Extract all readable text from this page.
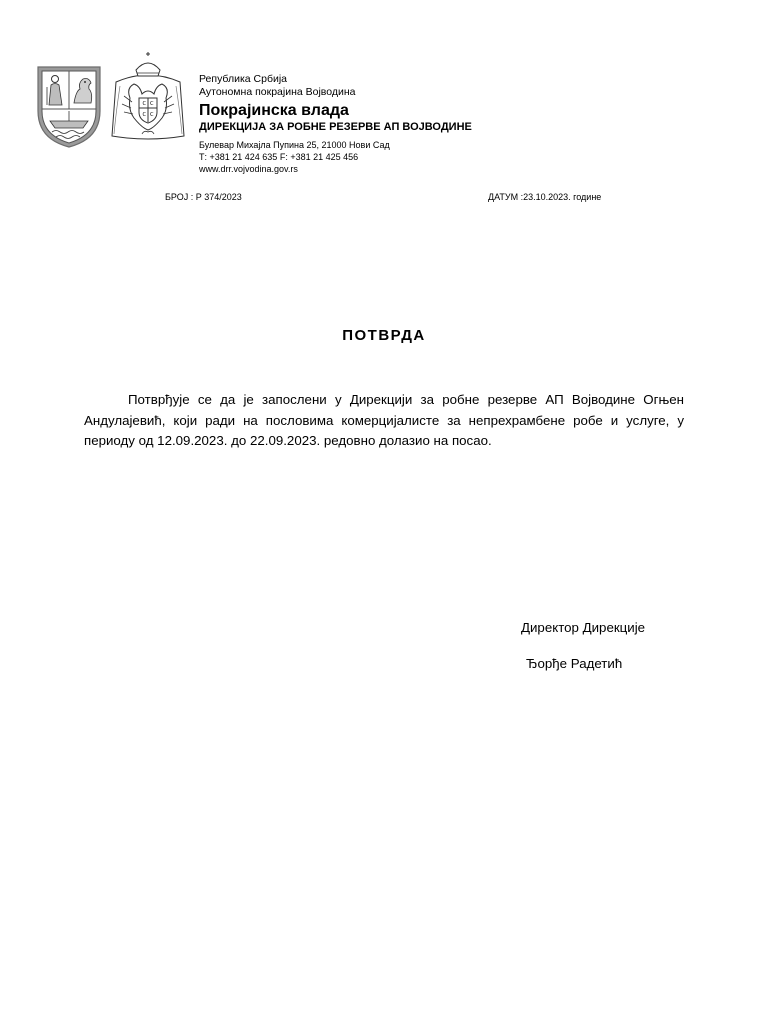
С С
С С
Република Србија
Аутономна покрајина Војводина
Покрајинска влада
ДИРЕКЦИЈА ЗА РОБНЕ РЕЗЕРВЕ АП ВОЈВОДИНЕ
Булевар Михајла Пупина 25, 21000 Нови Сад
Т: +381 21 424 635 F: +381 21 425 456
www.drr.vojvodina.gov.rs
БРОЈ : Р 374/2023	ДАТУМ :23.10.2023. године
ПОТВРДА
Потврђује се да је запослени у Дирекцији за робне резерве АП Војводине Огњен Андулајевић, који ради на пословима комерцијалисте за непрехрамбене робе и услуге, у периоду од 12.09.2023. до 22.09.2023. редовно долазио на посао.
Директор Дирекције
Ђорђе Радетић
